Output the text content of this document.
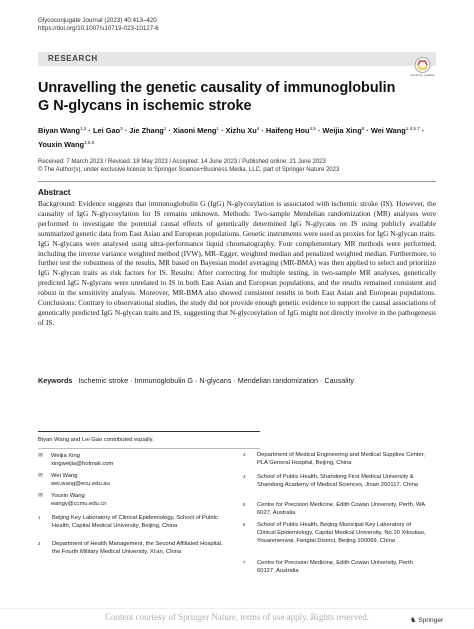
Glycoconjugate Journal (2023) 40:413–420
https://doi.org/10.1007/s10719-023-10127-6
RESEARCH
Check for updates
Unravelling the genetic causality of immunoglobulin G N-glycans in ischemic stroke
Biyan Wang$^{1,2}$ · Lei Gao$^3$ · Jie Zhang$^1$ · Xiaoni Meng$^1$ · Xizhu $Xu^4$ · Haifeng Hou$^{4,5}$ · Weijia Xing$^6$ · Wei Wang$^{1,4,5,7}$ · Youxin Wang$^{1,5,6}$
Received: 7 March 2023 / Revised: 18 May 2023 / Accepted: 14 June 2023 / Published online: 21 June 2023
© The Author(s), under exclusive licence to Springer Science+Business Media, LLC, part of Springer Nature 2023
Abstract

Background: Evidence suggests that immunoglobulin G (IgG) N-glycosylation is associated with ischemic stroke (IS). However, the causality of IgG N-glycosylation for IS remains unknown. Methods: Two-sample Mendelian randomization (MR) analyses were performed to investigate the potential causal effects of genetically determined IgG N-glycans on IS using publicly available summarized genetic data from East Asian and European populations. Genetic instruments were used as proxies for IgG N-glycan traits. IgG N-glycans were analysed using ultra-performance liquid chromatography. Four complementary MR methods were performed, including the inverse variance weighted method (IVW), MR–Egger, weighted median and penalized weighted median. Furthermore, to further test the robustness of the results, MR based on Bayesian model averaging (MR-BMA) was then applied to select and prioritize IgG N-glycan traits as risk factors for IS. Results: After correcting for multiple testing, in two-sample MR analyses, genetically predicted IgG N-glycans were unrelated to IS in both East Asian and European populations, and the results remained consistent and robust in the sensitivity analysis. Moreover, MR-BMA also showed consistent results in both East Asian and European populations. Conclusions: Contrary to observational studies, the study did not provide enough genetic evidence to support the causal associations of genetically predicted IgG N-glycan traits and IS, suggesting that N-glycosylation of IgG might not directly involve in the pathogenesis of IS.

Keywords Ischemic stroke · Immunoglobulin G · N-glycans · Mendelian randomization · Causality
Biyan Wang and Lei Gao contributed equally.
✉ Weijia Xing
xingweijia@hotmail.com
✉ Wei Wang
wei.wang@ecu.edu.au
✉ Youxin Wang
wangy@ccmu.edu.cn
1	Beijing Key Laboratory of Clinical Epidemiology, School of Public Health, Capital Medical University, Beijing, China
2	Department of Health Management, the Second Affiliated Hospital, the Fourth Military Medical University, Xi’an, China
3	Department of Medical Engineering and Medical Supplies Center, PLA General Hospital, Beijing, China
4	School of Public Health, Shandong First Medical University & Shandong Academy of Medical Sciences, Jinan 250117, China
5	Centre for Precision Medicine, Edith Cowan University, Perth, WA 6027, Australia
6	School of Public Health, Beijing Municipal Key Laboratory of Clinical Epidemiology, Capital Medical University, No.10 Xitoutiao, Youanmenwai, Fengtai District, Beijing 100069, China
7	Centre for Precision Medicine, Edith Cowan University, Perth 60127, Australia
♞ Springer
Content courtesy of Springer Nature, terms of use apply. Rights reserved.
